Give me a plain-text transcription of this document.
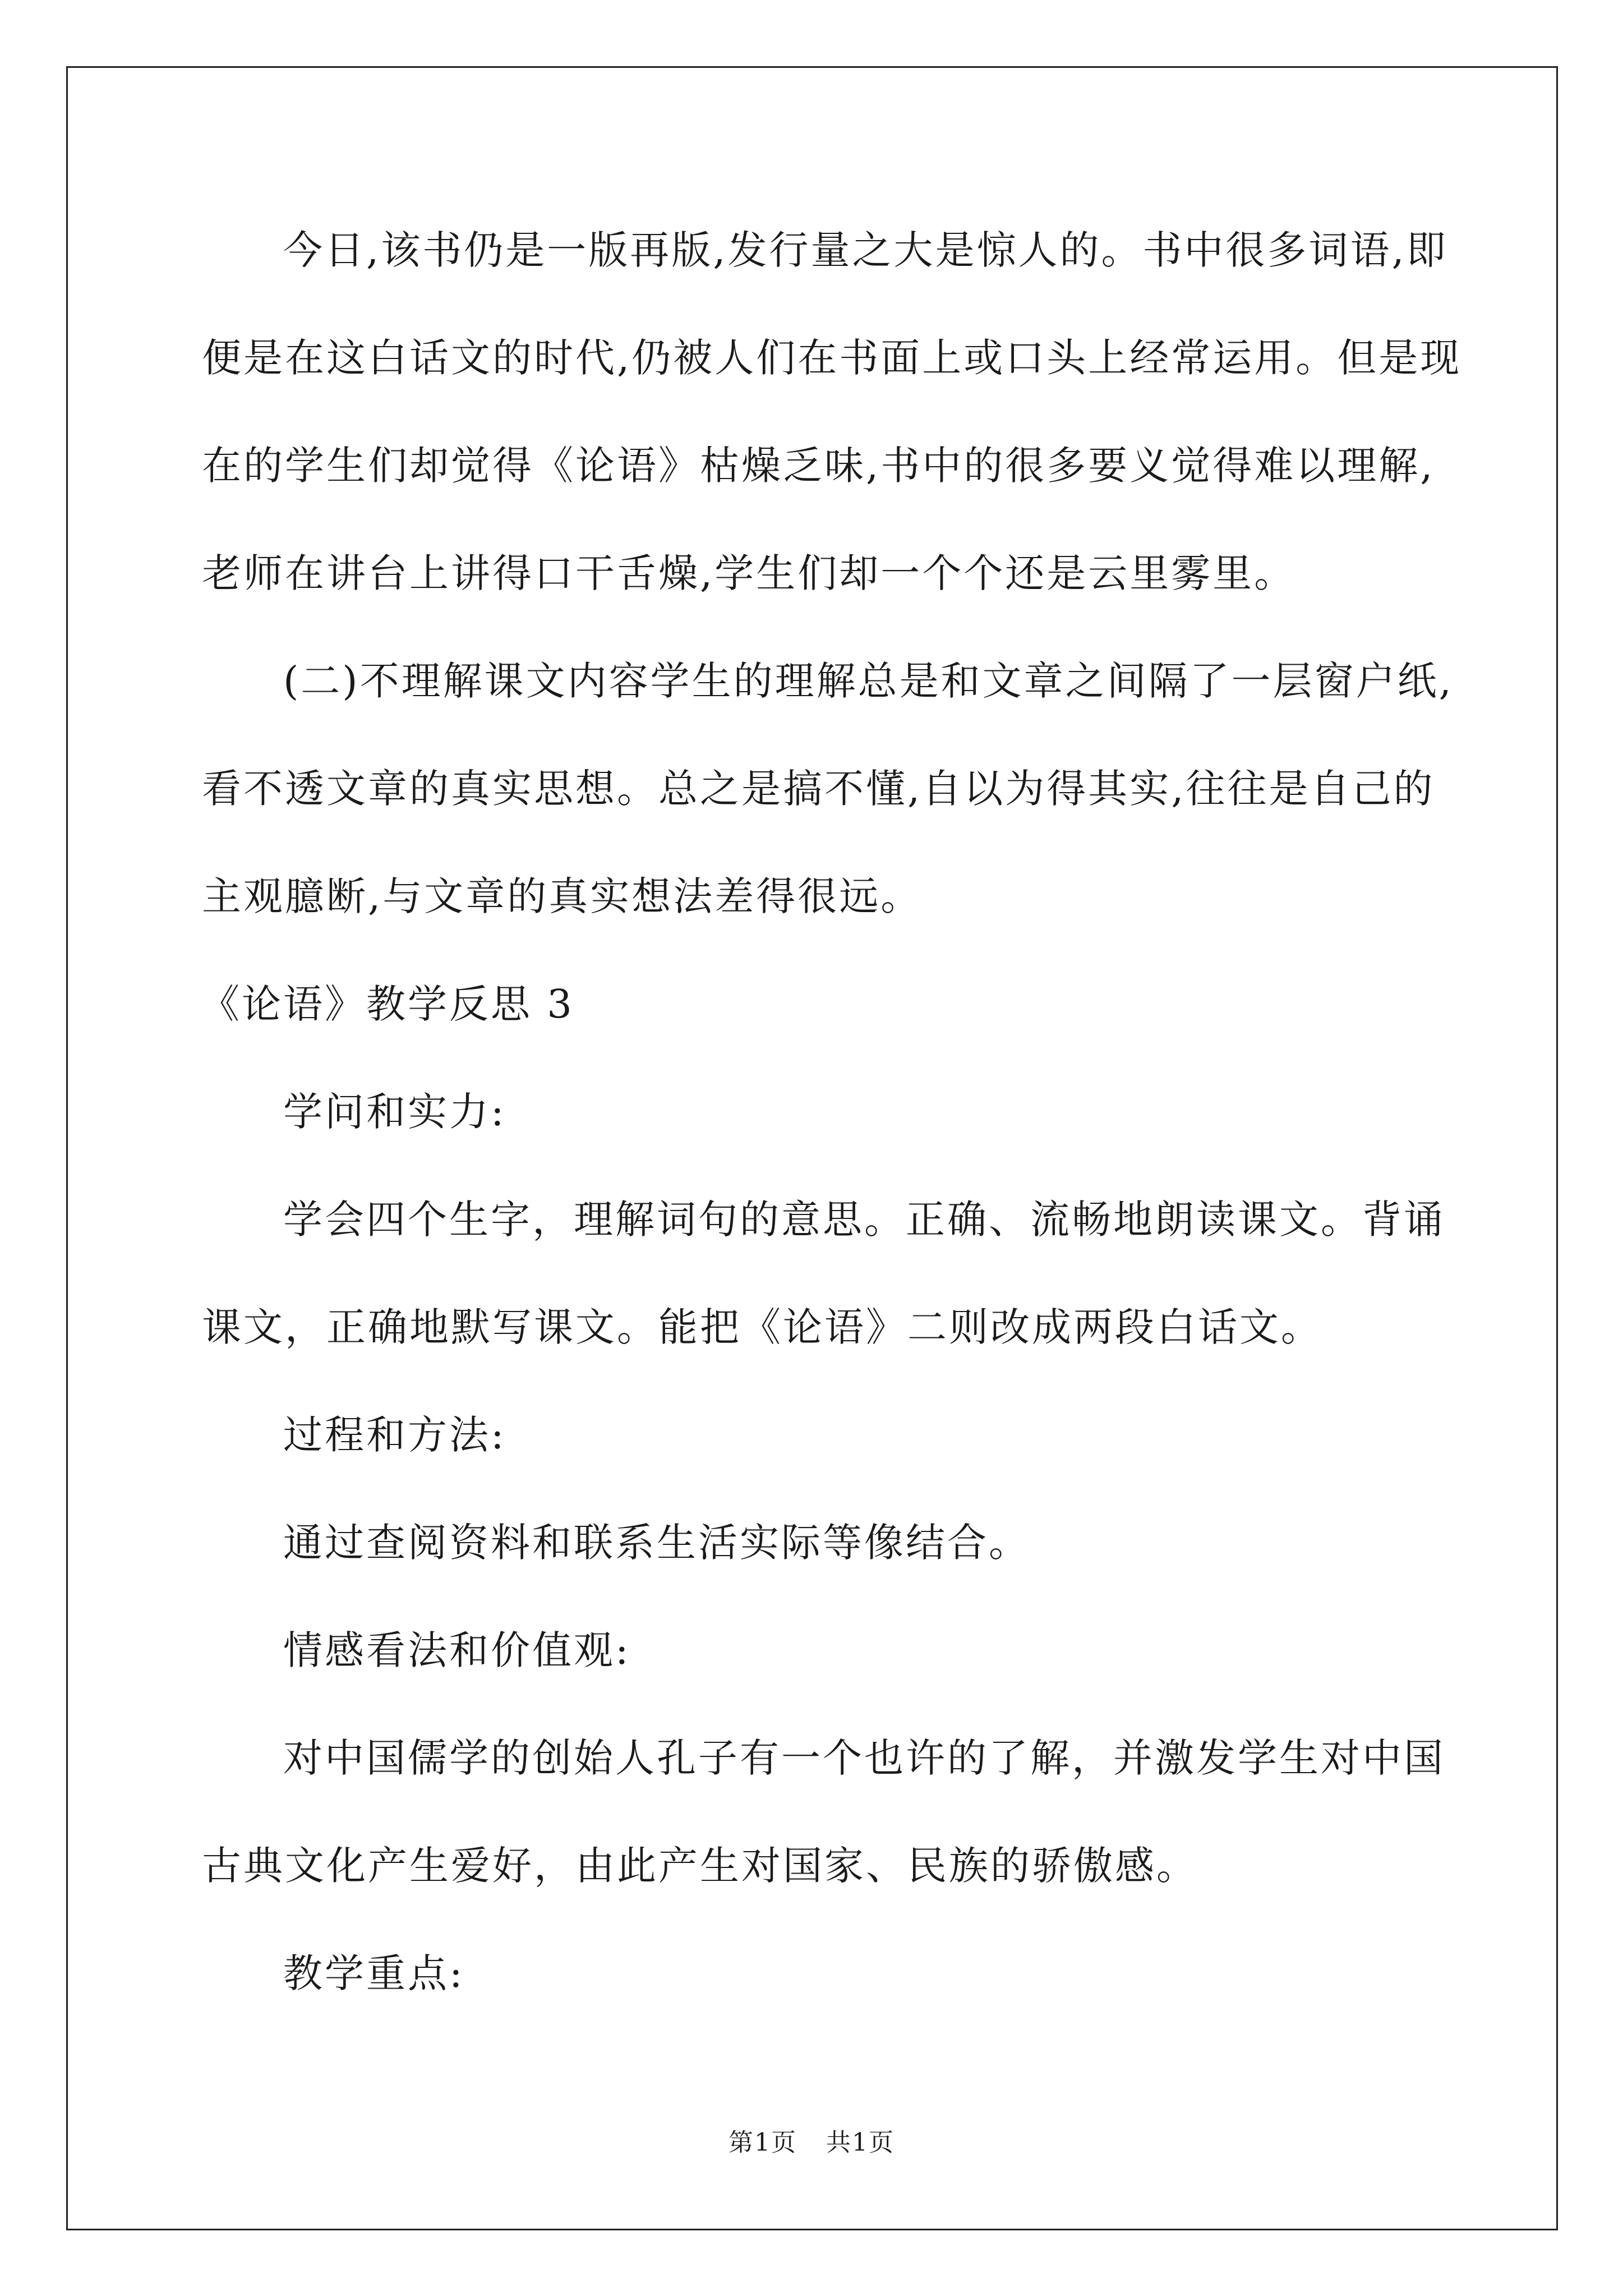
今日,该书仍是一版再版,发行量之大是惊人的。书中很多词语,即

便是在这白话文的时代,仍被人们在书面上或口头上经常运用。但是现

在的学生们却觉得《论语》枯燥乏味,书中的很多要义觉得难以理解,

老师在讲台上讲得口干舌燥,学生们却一个个还是云里雾里。

(二)不理解课文内容学生的理解总是和文章之间隔了一层窗户纸,

看不透文章的真实思想。总之是搞不懂,自以为得其实,往往是自己的

主观臆断,与文章的真实想法差得很远。

《论语》教学反思 3

学问和实力:

学会四个生字，理解词句的意思。正确、流畅地朗读课文。背诵

课文，正确地默写课文。能把《论语》二则改成两段白话文。

过程和方法:

通过查阅资料和联系生活实际等像结合。

情感看法和价值观:

对中国儒学的创始人孔子有一个也许的了解，并激发学生对中国

古典文化产生爱好，由此产生对国家、民族的骄傲感。

教学重点:

第1页 共1页
